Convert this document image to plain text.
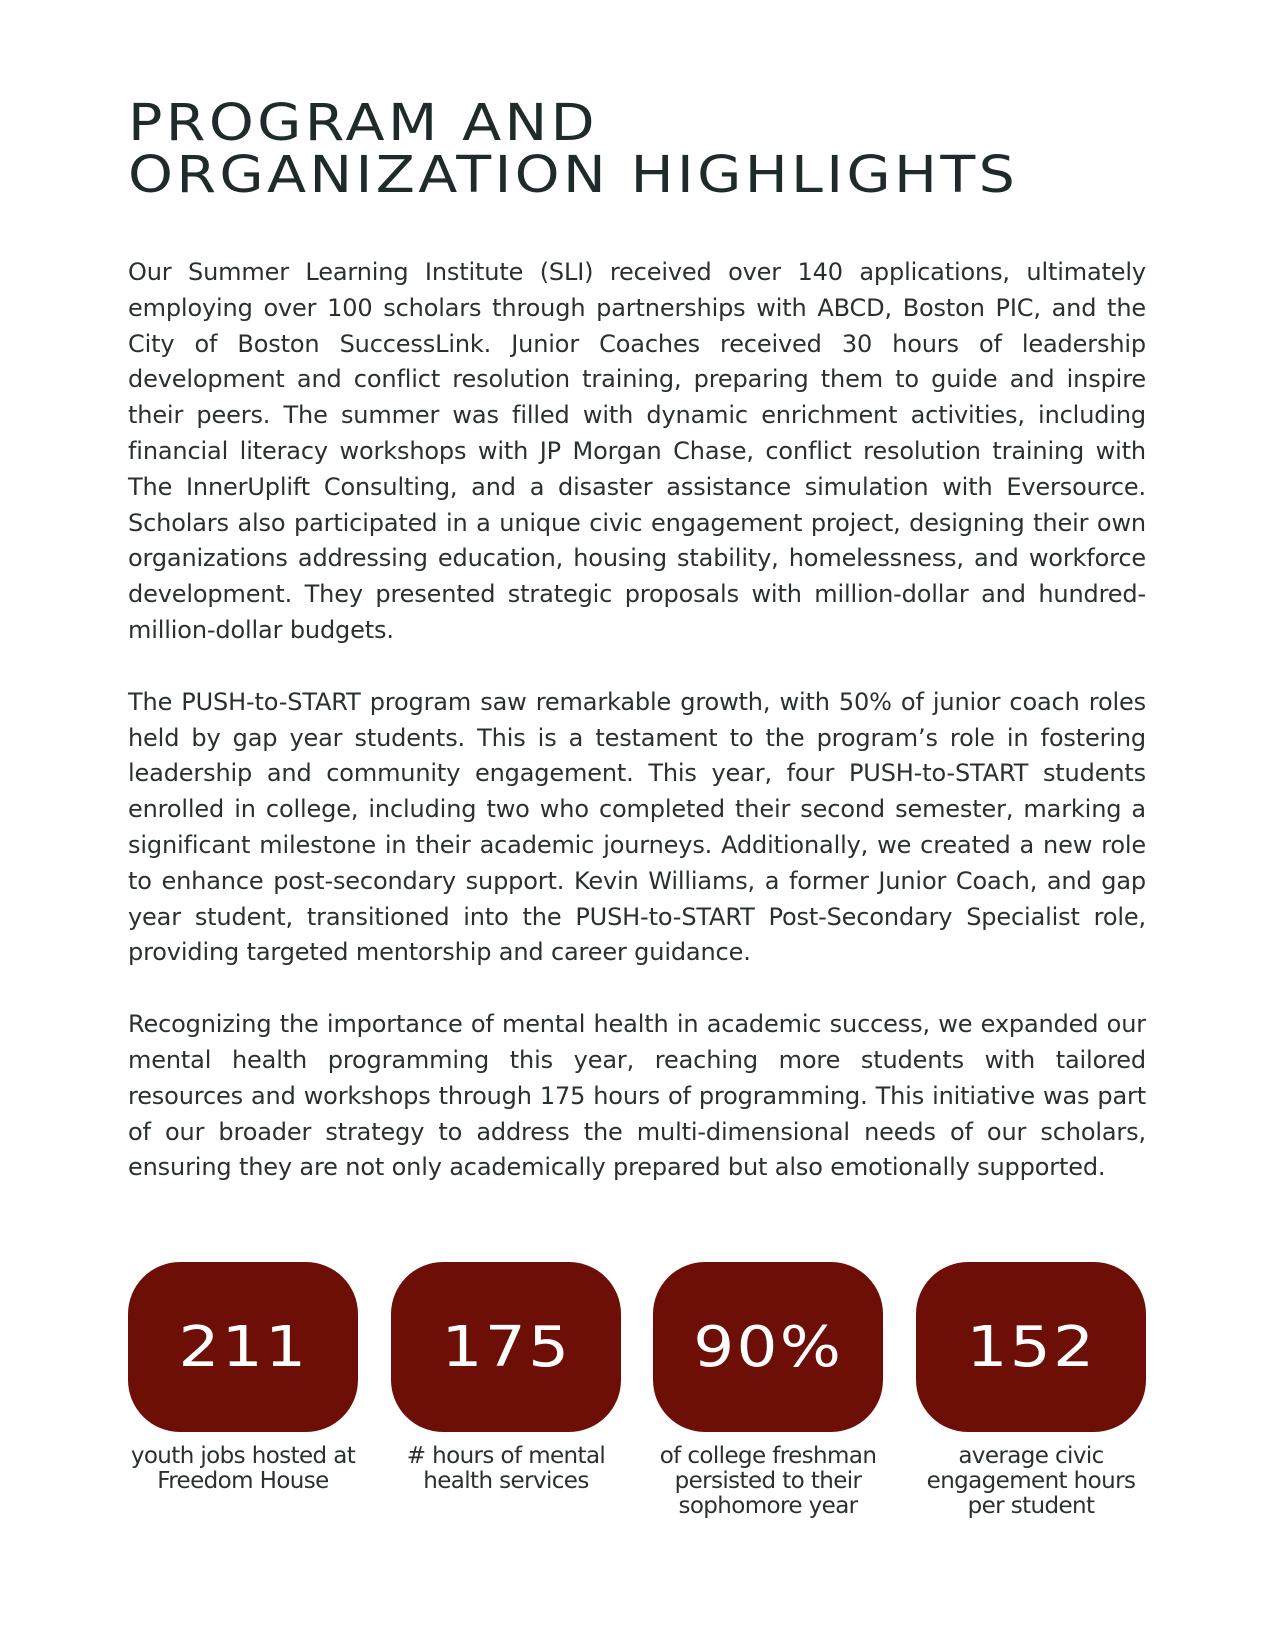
PROGRAM AND
ORGANIZATION HIGHLIGHTS

Our Summer Learning Institute (SLI) received over 140 applications, ultimately employing over 100 scholars through partnerships with ABCD, Boston PIC, and the City of Boston SuccessLink. Junior Coaches received 30 hours of leadership development and conflict resolution training, preparing them to guide and inspire their peers. The summer was filled with dynamic enrichment activities, including financial literacy workshops with JP Morgan Chase, conflict resolution training with The InnerUplift Consulting, and a disaster assistance simulation with Eversource. Scholars also participated in a unique civic engagement project, designing their own organizations addressing education, housing stability, homelessness, and workforce development. They presented strategic proposals with million-dollar and hundred-million-dollar budgets.

The PUSH-to-START program saw remarkable growth, with 50% of junior coach roles held by gap year students. This is a testament to the program’s role in fostering leadership and community engagement. This year, four PUSH-to-START students enrolled in college, including two who completed their second semester, marking a significant milestone in their academic journeys. Additionally, we created a new role to enhance post-secondary support. Kevin Williams, a former Junior Coach, and gap year student, transitioned into the PUSH-to-START Post-Secondary Specialist role, providing targeted mentorship and career guidance.

Recognizing the importance of mental health in academic success, we expanded our mental health programming this year, reaching more students with tailored resources and workshops through 175 hours of programming. This initiative was part of our broader strategy to address the multi-dimensional needs of our scholars, ensuring they are not only academically prepared but also emotionally supported.

211
youth jobs hosted at Freedom House
175
# hours of mental health services
90%
of college freshman persisted to their sophomore year
152
average civic engagement hours per student
